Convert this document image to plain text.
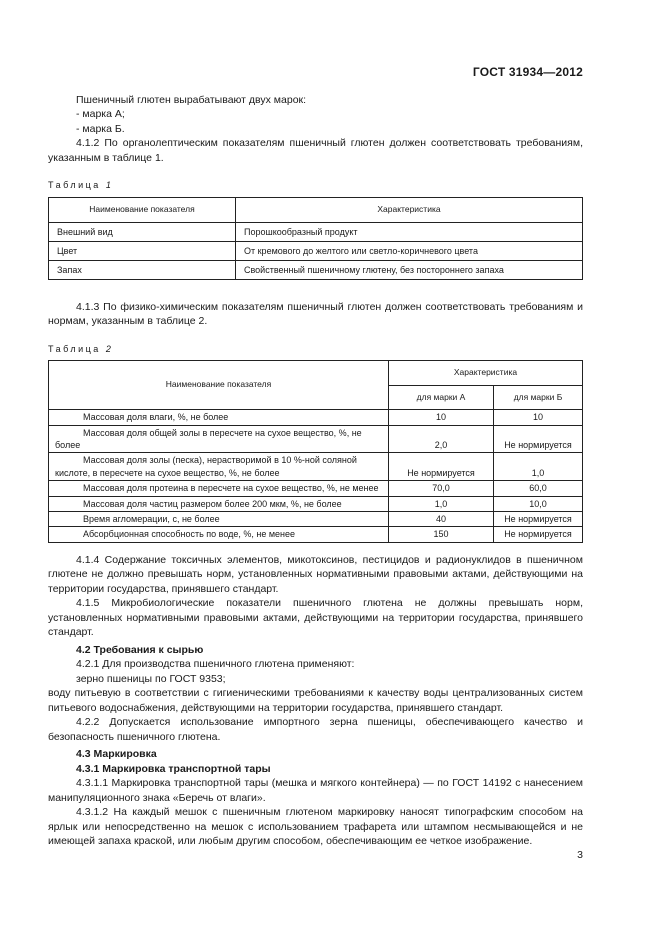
ГОСТ 31934—2012

Пшеничный глютен вырабатывают двух марок:

- марка А;

- марка Б.

4.1.2 По органолептическим показателям пшеничный глютен должен соответствовать требованиям, указанным в таблице 1.

Таблица 1

Наименование показателя	Характеристика
Внешний вид	Порошкообразный продукт
Цвет	От кремового до желтого или светло-коричневого цвета
Запах	Свойственный пшеничному глютену, без постороннего запаха

4.1.3 По физико-химическим показателям пшеничный глютен должен соответствовать требованиям и нормам, указанным в таблице 2.

Таблица 2

Наименование показателя	Характеристика	
	для марки А	для марки Б
Массовая доля влаги, %, не более	10	10
Массовая доля общей золы в пересчете на сухое вещество, %, не более	2,0	Не нормируется
Массовая доля золы (песка), нерастворимой в 10 %-ной соляной кислоте, в пересчете на сухое вещество, %, не более	Не нормируется	1,0
Массовая доля протеина в пересчете на сухое вещество, %, не менее	70,0	60,0
Массовая доля частиц размером более 200 мкм, %, не более	1,0	10,0
Время агломерации, с, не более	40	Не нормируется
Абсорбционная способность по воде, %, не менее	150	Не нормируется

4.1.4 Содержание токсичных элементов, микотоксинов, пестицидов и радионуклидов в пшеничном глютене не должно превышать норм, установленных нормативными правовыми актами, действующими на территории государства, принявшего стандарт.

4.1.5 Микробиологические показатели пшеничного глютена не должны превышать норм, установленных нормативными правовыми актами, действующими на территории государства, принявшего стандарт.

4.2 Требования к сырью

4.2.1 Для производства пшеничного глютена применяют:

зерно пшеницы по ГОСТ 9353;

воду питьевую в соответствии с гигиеническими требованиями к качеству воды централизованных систем питьевого водоснабжения, действующими на территории государства, принявшего стандарт.

4.2.2 Допускается использование импортного зерна пшеницы, обеспечивающего качество и безопасность пшеничного глютена.

4.3 Маркировка

4.3.1 Маркировка транспортной тары

4.3.1.1 Маркировка транспортной тары (мешка и мягкого контейнера) — по ГОСТ 14192 с нанесением манипуляционного знака «Беречь от влаги».

4.3.1.2 На каждый мешок с пшеничным глютеном маркировку наносят типографским способом на ярлык или непосредственно на мешок с использованием трафарета или штампом несмывающейся и не имеющей запаха краской, или любым другим способом, обеспечивающим ее четкое изображение.

3
